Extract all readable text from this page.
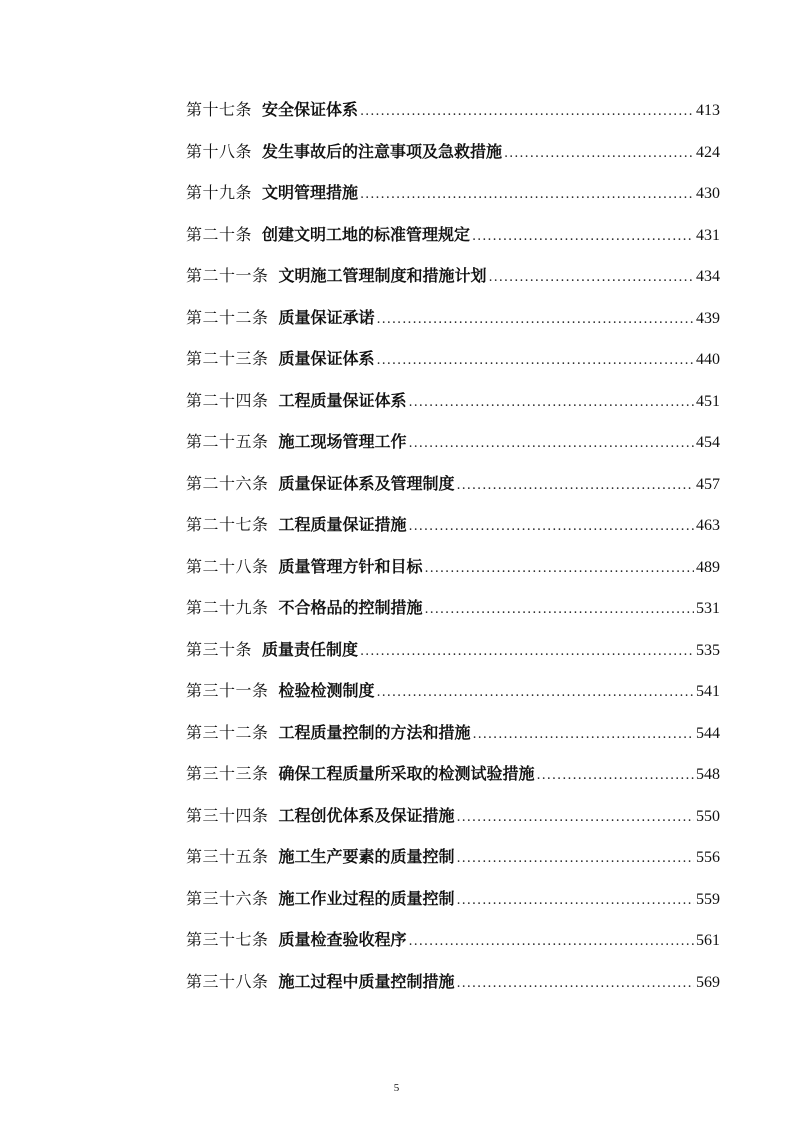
第十七条 安全保证体系 .....	413
第十八条 发生事故后的注意事项及急救措施 .....	424
第十九条 文明管理措施 .....	430
第二十条 创建文明工地的标准管理规定 .....	431
第二十一条 文明施工管理制度和措施计划 .....	434
第二十二条 质量保证承诺 .....	439
第二十三条 质量保证体系 .....	440
第二十四条 工程质量保证体系 .....	451
第二十五条 施工现场管理工作 .....	454
第二十六条 质量保证体系及管理制度 .....	457
第二十七条 工程质量保证措施 .....	463
第二十八条 质量管理方针和目标 .....	489
第二十九条 不合格品的控制措施 .....	531
第三十条 质量责任制度 .....	535
第三十一条 检验检测制度 .....	541
第三十二条 工程质量控制的方法和措施 .....	544
第三十三条 确保工程质量所采取的检测试验措施 .....	548
第三十四条 工程创优体系及保证措施 .....	550
第三十五条 施工生产要素的质量控制 .....	556
第三十六条 施工作业过程的质量控制 .....	559
第三十七条 质量检查验收程序 .....	561
第三十八条 施工过程中质量控制措施 .....	569
5
